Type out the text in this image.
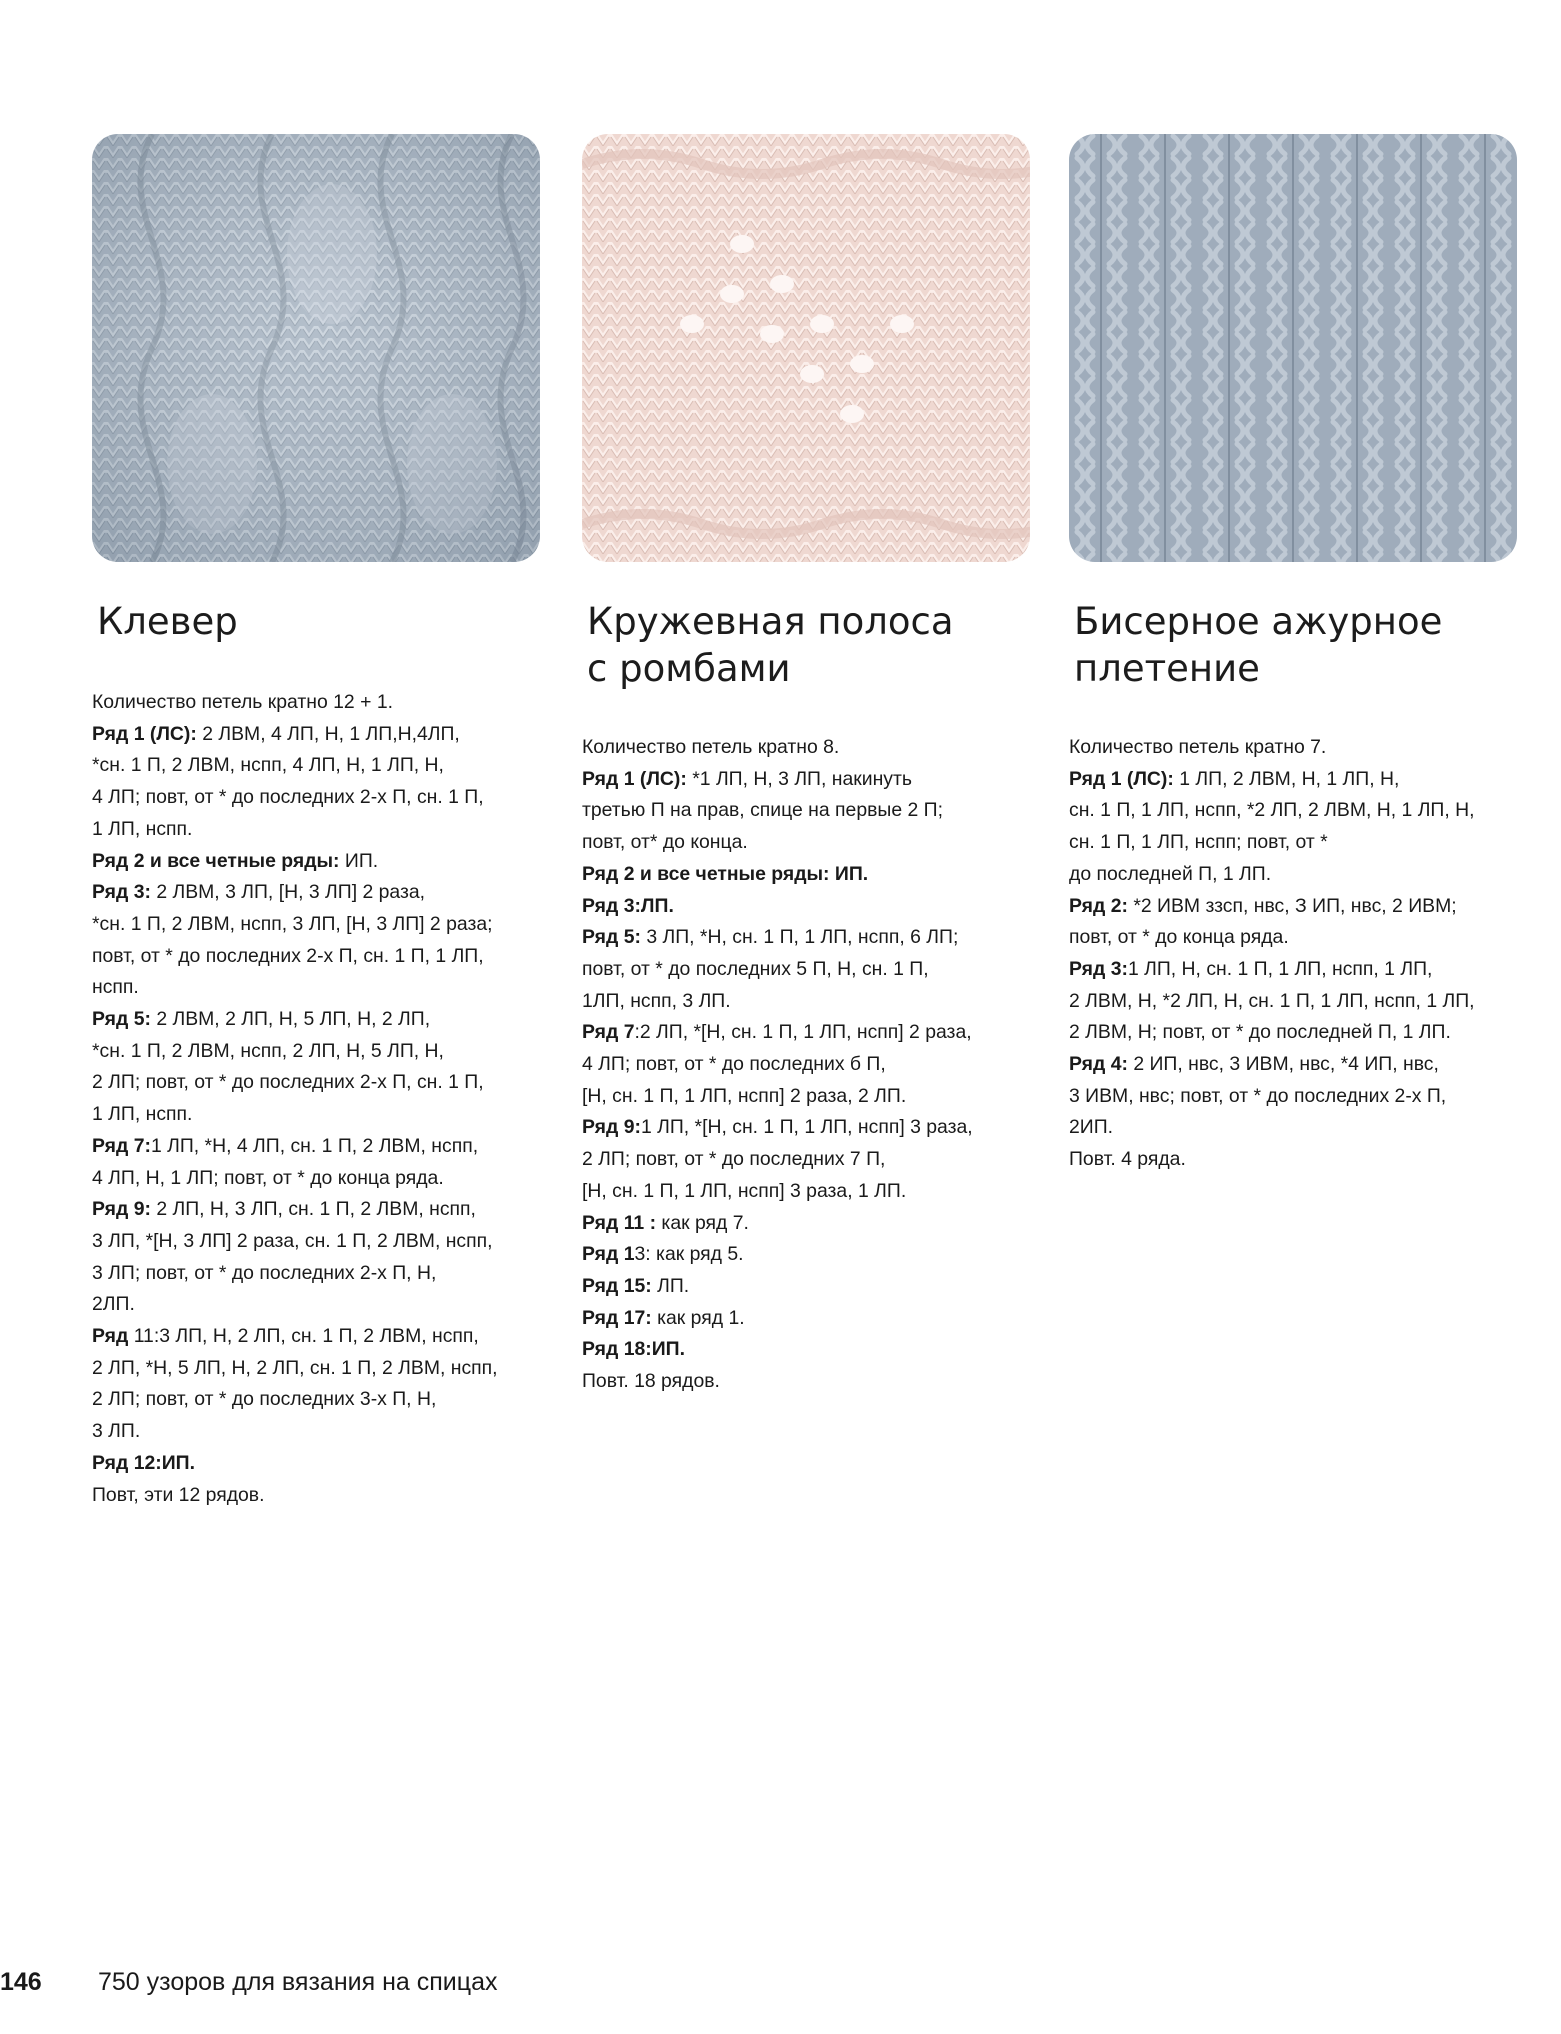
Клевер
Количество петель кратно 12 + 1.
Ряд 1 (ЛС): 2 ЛВМ, 4 ЛП, Н, 1 ЛП,Н,4ЛП,
*сн. 1 П, 2 ЛВМ, нспп, 4 ЛП, Н, 1 ЛП, Н,
4 ЛП; повт, от * до последних 2-х П, сн. 1 П,
1 ЛП, нспп.
Ряд 2 и все четные ряды: ИП.
Ряд 3: 2 ЛВМ, 3 ЛП, [Н, 3 ЛП] 2 раза,
*сн. 1 П, 2 ЛВМ, нспп, 3 ЛП, [Н, 3 ЛП] 2 раза;
повт, от * до последних 2-х П, сн. 1 П, 1 ЛП,
нспп.
Ряд 5: 2 ЛВМ, 2 ЛП, Н, 5 ЛП, Н, 2 ЛП,
*сн. 1 П, 2 ЛВМ, нспп, 2 ЛП, Н, 5 ЛП, Н,
2 ЛП; повт, от * до последних 2-х П, сн. 1 П,
1 ЛП, нспп.
Ряд 7:1 ЛП, *Н, 4 ЛП, сн. 1 П, 2 ЛВМ, нспп,
4 ЛП, Н, 1 ЛП; повт, от * до конца ряда.
Ряд 9: 2 ЛП, Н, 3 ЛП, сн. 1 П, 2 ЛВМ, нспп,
3 ЛП, *[Н, 3 ЛП] 2 раза, сн. 1 П, 2 ЛВМ, нспп,
3 ЛП; повт, от * до последних 2-х П, Н,
2ЛП.
Ряд 11:3 ЛП, Н, 2 ЛП, сн. 1 П, 2 ЛВМ, нспп,
2 ЛП, *Н, 5 ЛП, Н, 2 ЛП, сн. 1 П, 2 ЛВМ, нспп,
2 ЛП; повт, от * до последних 3-х П, Н,
3 ЛП.
Ряд 12:ИП.
Повт, эти 12 рядов.
Кружевная полоса
с ромбами
Количество петель кратно 8.
Ряд 1 (ЛС): *1 ЛП, Н, 3 ЛП, накинуть
третью П на прав, спице на первые 2 П;
повт, от* до конца.
Ряд 2 и все четные ряды: ИП.
Ряд 3:ЛП.
Ряд 5: 3 ЛП, *Н, сн. 1 П, 1 ЛП, нспп, 6 ЛП;
повт, от * до последних 5 П, Н, сн. 1 П,
1ЛП, нспп, 3 ЛП.
Ряд 7:2 ЛП, *[Н, сн. 1 П, 1 ЛП, нспп] 2 раза,
4 ЛП; повт, от * до последних б П,
[Н, сн. 1 П, 1 ЛП, нспп] 2 раза, 2 ЛП.
Ряд 9:1 ЛП, *[Н, сн. 1 П, 1 ЛП, нспп] 3 раза,
2 ЛП; повт, от * до последних 7 П,
[Н, сн. 1 П, 1 ЛП, нспп] 3 раза, 1 ЛП.
Ряд 11 : как ряд 7.
Ряд 13: как ряд 5.
Ряд 15: ЛП.
Ряд 17: как ряд 1.
Ряд 18:ИП.
Повт. 18 рядов.
Бисерное ажурное
плетение
Количество петель кратно 7.
Ряд 1 (ЛС): 1 ЛП, 2 ЛВМ, Н, 1 ЛП, Н,
сн. 1 П, 1 ЛП, нспп, *2 ЛП, 2 ЛВМ, Н, 1 ЛП, Н,
сн. 1 П, 1 ЛП, нспп; повт, от *
до последней П, 1 ЛП.
Ряд 2: *2 ИВМ ззсп, нвс, З ИП, нвс, 2 ИВМ;
повт, от * до конца ряда.
Ряд 3:1 ЛП, Н, сн. 1 П, 1 ЛП, нспп, 1 ЛП,
2 ЛВМ, Н, *2 ЛП, Н, сн. 1 П, 1 ЛП, нспп, 1 ЛП,
2 ЛВМ, Н; повт, от * до последней П, 1 ЛП.
Ряд 4: 2 ИП, нвс, 3 ИВМ, нвс, *4 ИП, нвс,
3 ИВМ, нвс; повт, от * до последних 2-х П,
2ИП.
Повт. 4 ряда.
146 750 узоров для вязания на спицах
